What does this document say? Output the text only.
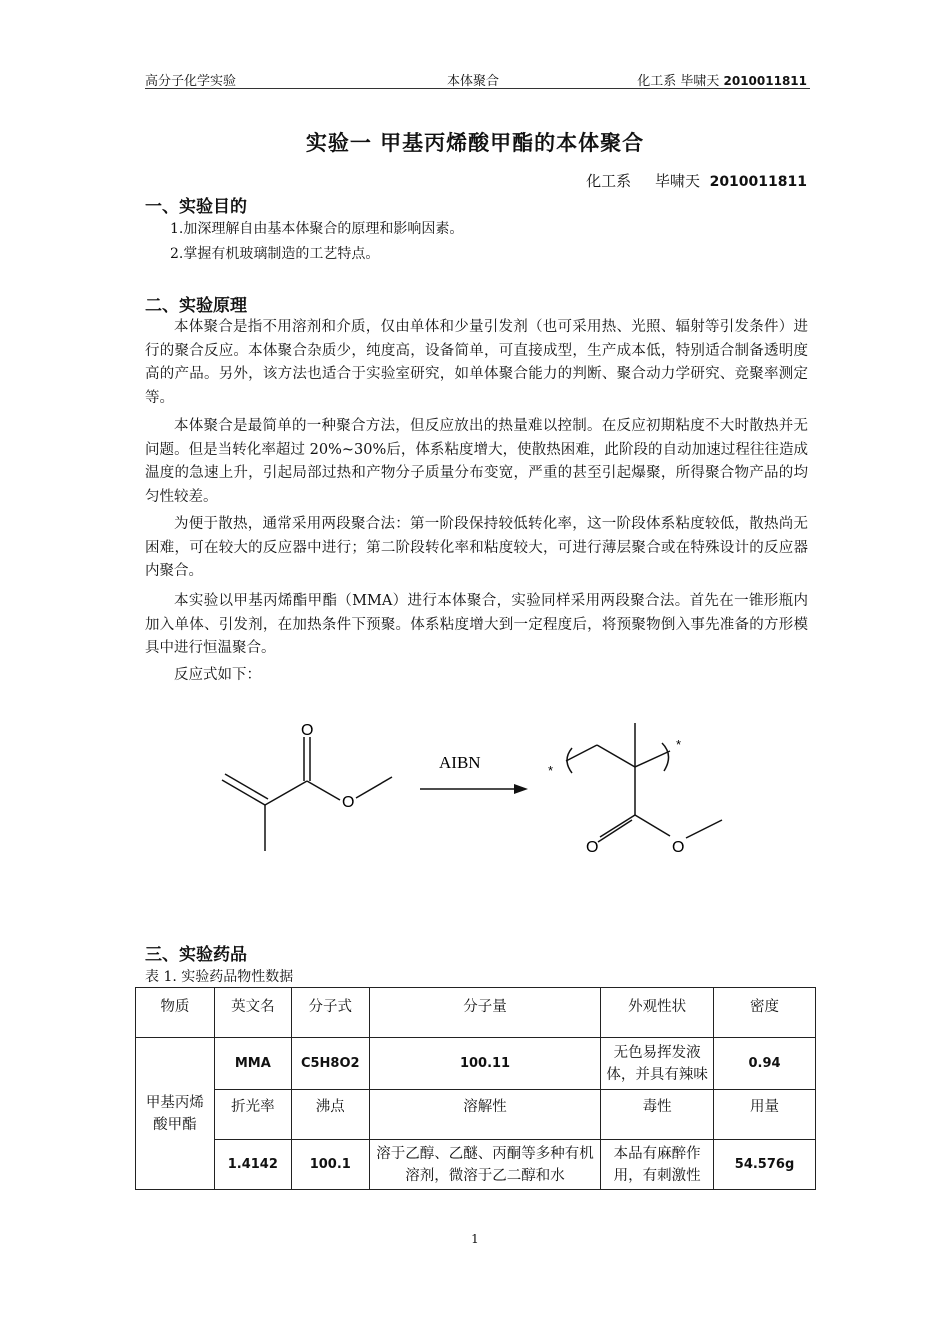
高分子化学实验	本体聚合	化工系 毕啸天 2010011811
实验一 甲基丙烯酸甲酯的本体聚合
化工系 毕啸天 2010011811
一、实验目的
1.加深理解自由基本体聚合的原理和影响因素。
2.掌握有机玻璃制造的工艺特点。
二、实验原理

本体聚合是指不用溶剂和介质，仅由单体和少量引发剂（也可采用热、光照、辐射等引发条件）进行的聚合反应。本体聚合杂质少，纯度高，设备简单，可直接成型，生产成本低，特别适合制备透明度高的产品。另外，该方法也适合于实验室研究，如单体聚合能力的判断、聚合动力学研究、竞聚率测定等。

本体聚合是最简单的一种聚合方法，但反应放出的热量难以控制。在反应初期粘度不大时散热并无问题。但是当转化率超过 20%~30%后，体系粘度增大，使散热困难，此阶段的自动加速过程往往造成温度的急速上升，引起局部过热和产物分子质量分布变宽，严重的甚至引起爆聚，所得聚合物产品的均匀性较差。

为便于散热，通常采用两段聚合法：第一阶段保持较低转化率，这一阶段体系粘度较低，散热尚无困难，可在较大的反应器中进行；第二阶段转化率和粘度较大，可进行薄层聚合或在特殊设计的反应器内聚合。

本实验以甲基丙烯酯甲酯（MMA）进行本体聚合，实验同样采用两段聚合法。首先在一锥形瓶内加入单体、引发剂，在加热条件下预聚。体系粘度增大到一定程度后，将预聚物倒入事先准备的方形模具中进行恒温聚合。

反应式如下：

O
O
AIBN	*
*
O	O
三、实验药品
表 1. 实验药品物性数据
物质	英文名	分子式	分子量	外观性状	密度
甲基丙烯酸甲酯	MMA	C5H8O2	100.11	无色易挥发液体，并具有辣味	0.94
	折光率	沸点	溶解性	毒性	用量
	1.4142	100.1	溶于乙醇、乙醚、丙酮等多种有机溶剂，微溶于乙二醇和水	本品有麻醉作用，有刺激性	54.576g
1
